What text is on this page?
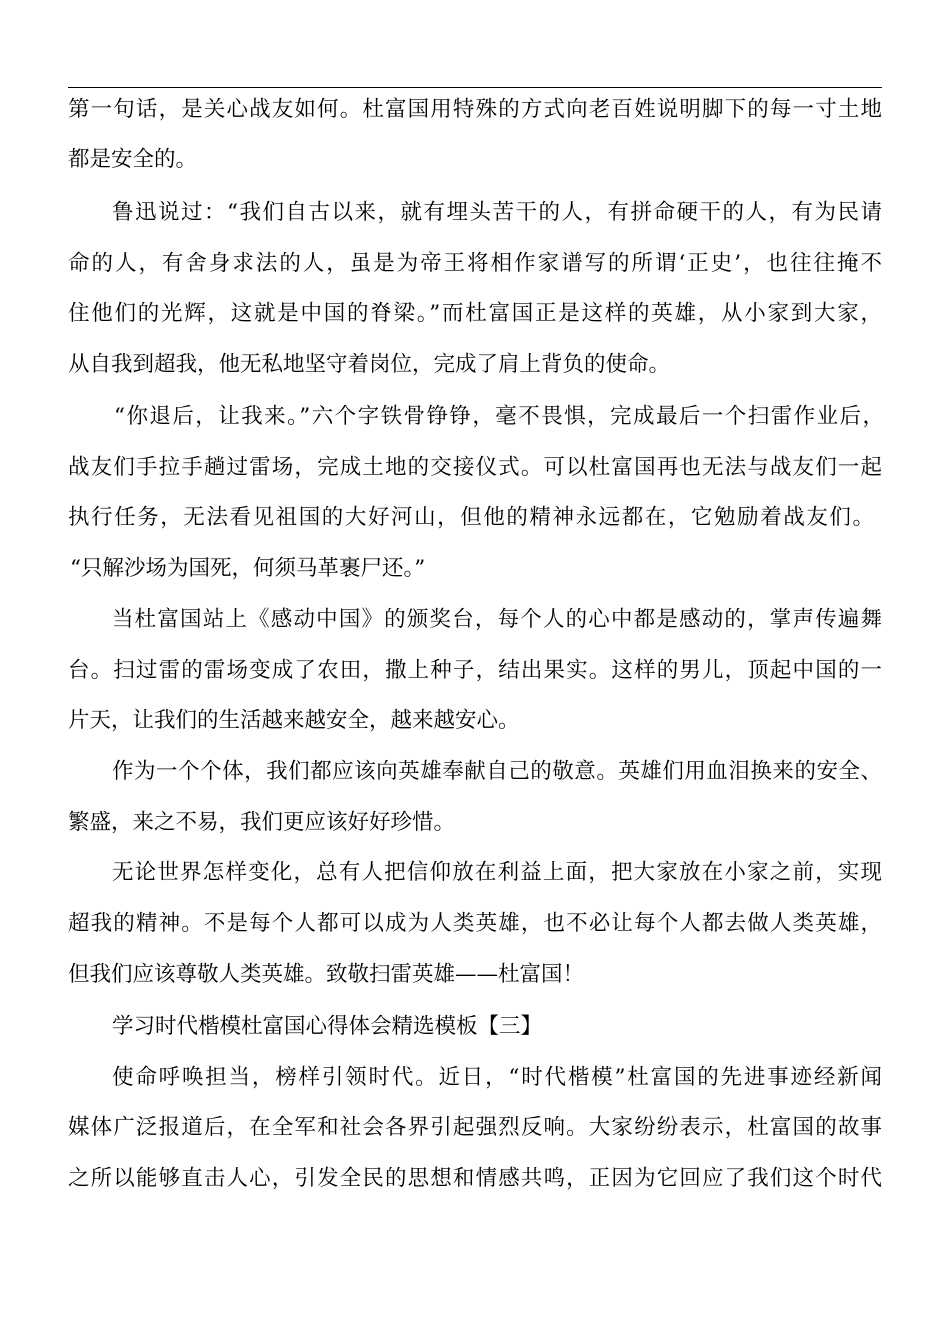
第一句话，是关心战友如何。杜富国用特殊的方式向老百姓说明脚下的每一寸土地
都是安全的。
鲁迅说过：“我们自古以来，就有埋头苦干的人，有拼命硬干的人，有为民请
命的人，有舍身求法的人，虽是为帝王将相作家谱写的所谓‘正史’，也往往掩不
住他们的光辉，这就是中国的脊梁。”而杜富国正是这样的英雄，从小家到大家，
从自我到超我，他无私地坚守着岗位，完成了肩上背负的使命。
“你退后，让我来。”六个字铁骨铮铮，毫不畏惧，完成最后一个扫雷作业后，
战友们手拉手趟过雷场，完成土地的交接仪式。可以杜富国再也无法与战友们一起
执行任务，无法看见祖国的大好河山，但他的精神永远都在，它勉励着战友们。
“只解沙场为国死，何须马革裹尸还。”
当杜富国站上《感动中国》的颁奖台，每个人的心中都是感动的，掌声传遍舞
台。扫过雷的雷场变成了农田，撒上种子，结出果实。这样的男儿，顶起中国的一
片天，让我们的生活越来越安全，越来越安心。
作为一个个体，我们都应该向英雄奉献自己的敬意。英雄们用血泪换来的安全、
繁盛，来之不易，我们更应该好好珍惜。
无论世界怎样变化，总有人把信仰放在利益上面，把大家放在小家之前，实现
超我的精神。不是每个人都可以成为人类英雄，也不必让每个人都去做人类英雄，
但我们应该尊敬人类英雄。致敬扫雷英雄——杜富国！
学习时代楷模杜富国心得体会精选模板【三】
使命呼唤担当，榜样引领时代。近日，“时代楷模”杜富国的先进事迹经新闻
媒体广泛报道后，在全军和社会各界引起强烈反响。大家纷纷表示，杜富国的故事
之所以能够直击人心，引发全民的思想和情感共鸣，正因为它回应了我们这个时代
